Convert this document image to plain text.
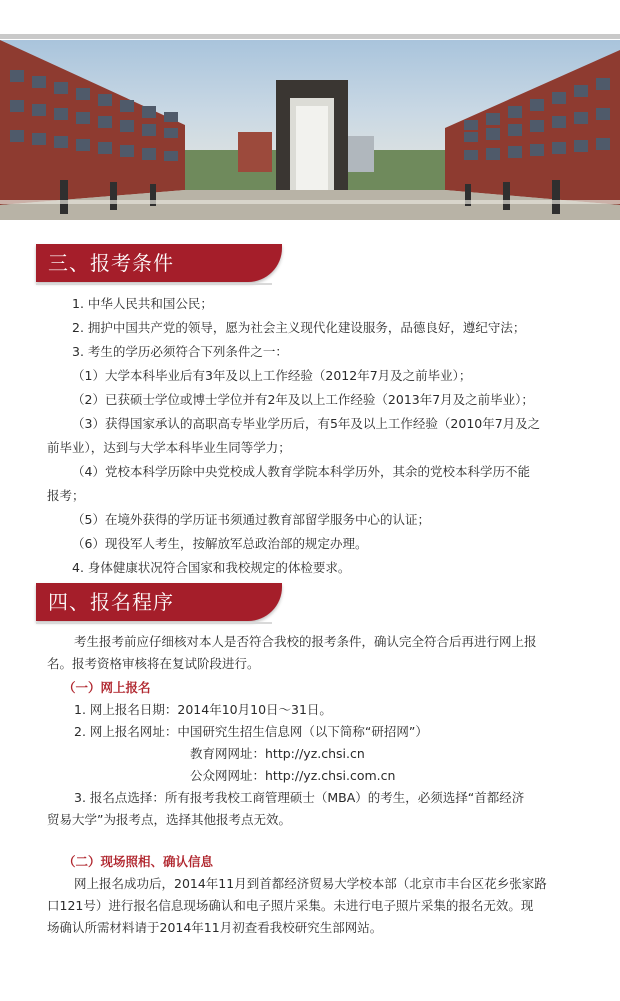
三、报考条件
1. 中华人民共和国公民；
2. 拥护中国共产党的领导，愿为社会主义现代化建设服务，品德良好，遵纪守法；
3. 考生的学历必须符合下列条件之一：
（1）大学本科毕业后有3年及以上工作经验（2012年7月及之前毕业）；
（2）已获硕士学位或博士学位并有2年及以上工作经验（2013年7月及之前毕业）；
（3）获得国家承认的高职高专毕业学历后，有5年及以上工作经验（2010年7月及之
前毕业），达到与大学本科毕业生同等学力；
（4）党校本科学历除中央党校成人教育学院本科学历外，其余的党校本科学历不能
报考；
（5）在境外获得的学历证书须通过教育部留学服务中心的认证；
（6）现役军人考生，按解放军总政治部的规定办理。
4. 身体健康状况符合国家和我校规定的体检要求。
四、报名程序
考生报考前应仔细核对本人是否符合我校的报考条件，确认完全符合后再进行网上报
名。报考资格审核将在复试阶段进行。
（一）网上报名
1. 网上报名日期：2014年10月10日～31日。
2. 网上报名网址：中国研究生招生信息网（以下简称“研招网”）
教育网网址：http://yz.chsi.cn
公众网网址：http://yz.chsi.com.cn
3. 报名点选择：所有报考我校工商管理硕士（MBA）的考生，必须选择“首都经济
贸易大学”为报考点，选择其他报考点无效。
（二）现场照相、确认信息
网上报名成功后，2014年11月到首都经济贸易大学校本部（北京市丰台区花乡张家路
口121号）进行报名信息现场确认和电子照片采集。未进行电子照片采集的报名无效。现
场确认所需材料请于2014年11月初查看我校研究生部网站。
